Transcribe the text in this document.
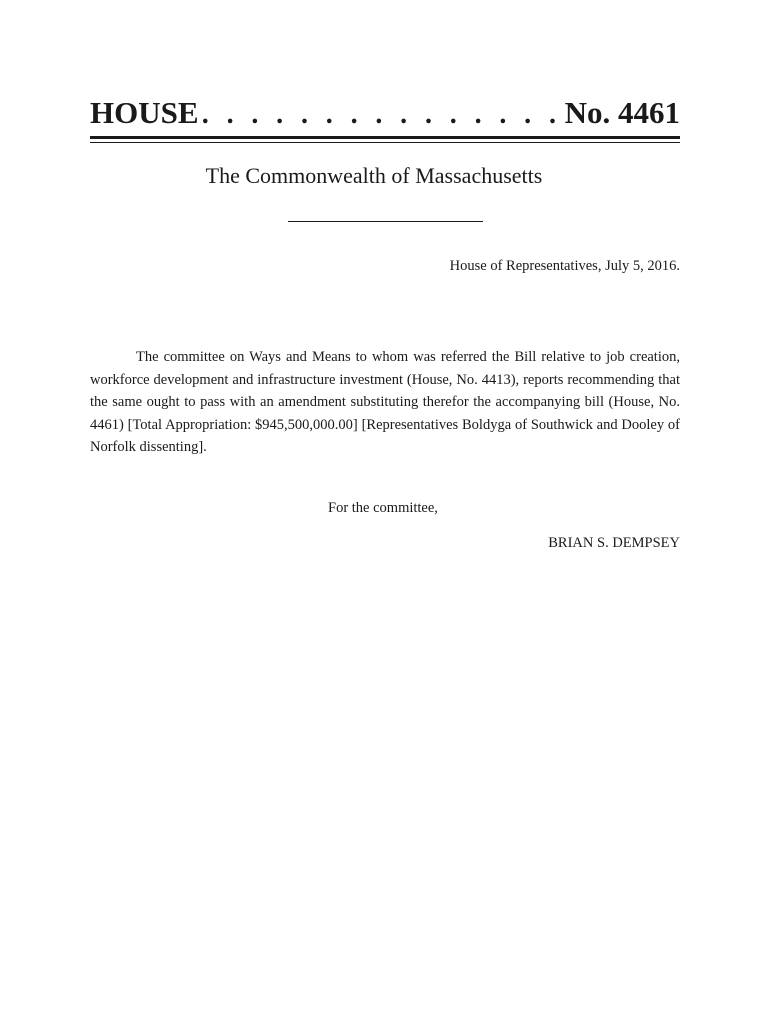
HOUSE . . . . . . . . . . . . . . . No. 4461
The Commonwealth of Massachusetts
House of Representatives, July 5, 2016.

The committee on Ways and Means to whom was referred the Bill relative to job creation, workforce development and infrastructure investment (House, No. 4413), reports recommending that the same ought to pass with an amendment substituting therefor the accompanying bill (House, No. 4461) [Total Appropriation: $945,500,000.00] [Representatives Boldyga of Southwick and Dooley of Norfolk dissenting].

For the committee,
BRIAN S. DEMPSEY
